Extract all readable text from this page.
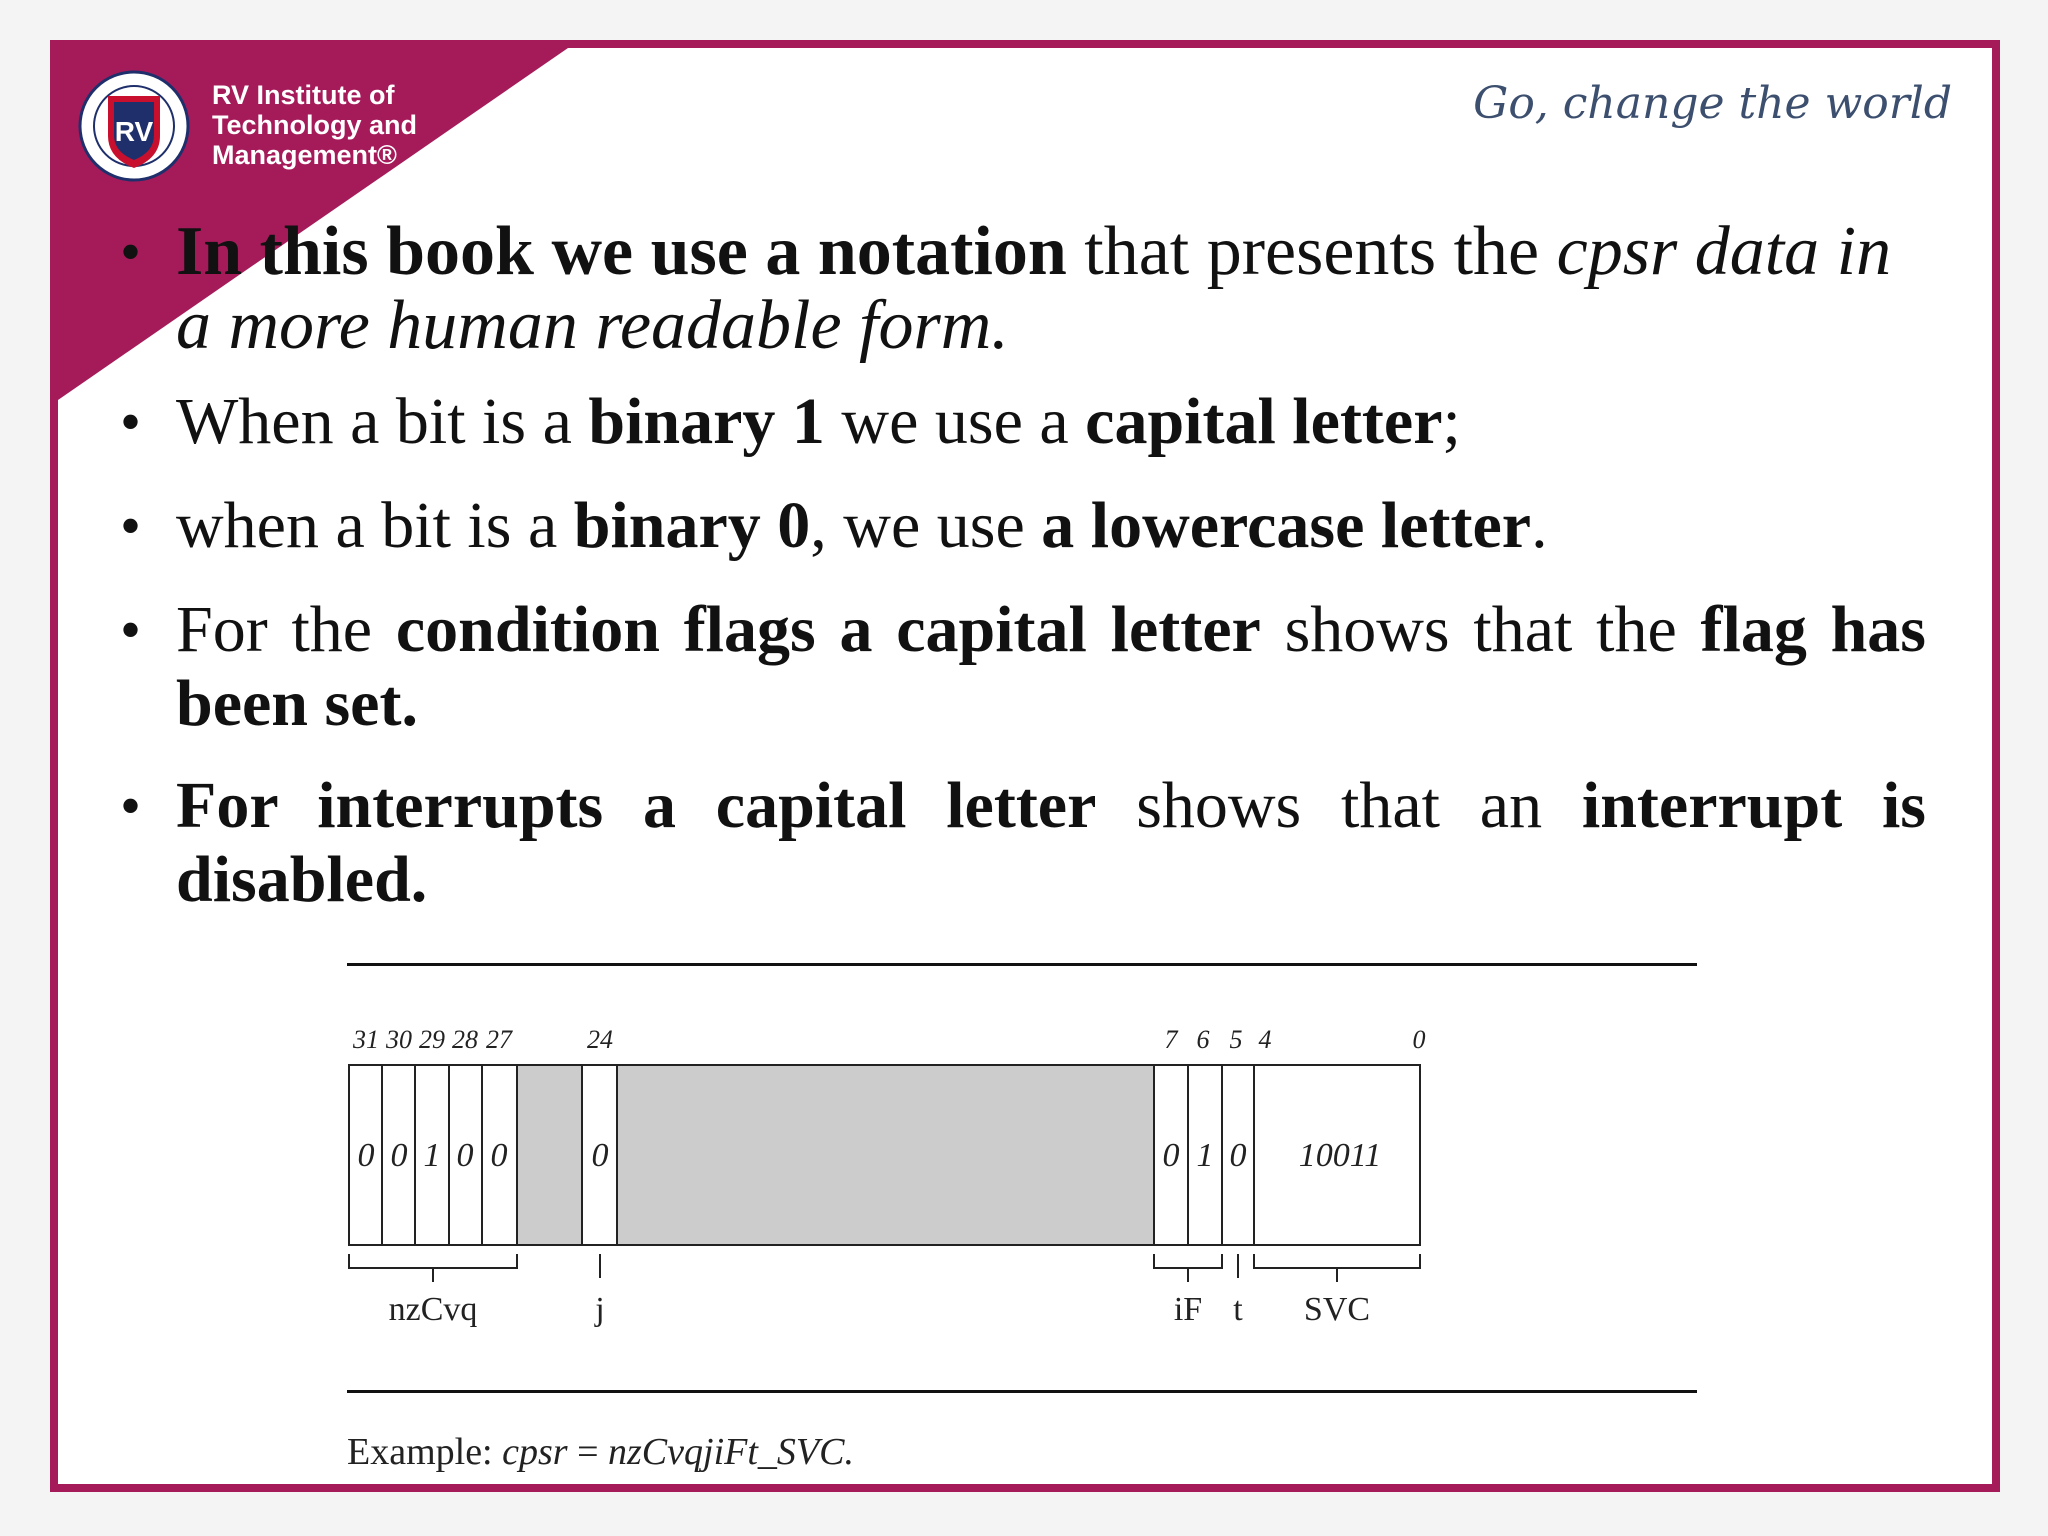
RV
RV Institute of
Technology and
Management®
Go, change the world
• In this book we use a notation that presents the cpsr data in a more human readable form.
• When a bit is a binary 1 we use a capital letter;
• when a bit is a binary 0, we use a lowercase letter.
• For the condition flags a capital letter shows that the flag has been set.
• For interrupts a capital letter shows that an interrupt is disabled.
31 30 29 28 27	24	7 6 5 4	0
0 0 1 0 0 0	0 1 0 10011
nzCvq	j	iF t SVC
Example: cpsr = nzCvqjiFt_SVC.
